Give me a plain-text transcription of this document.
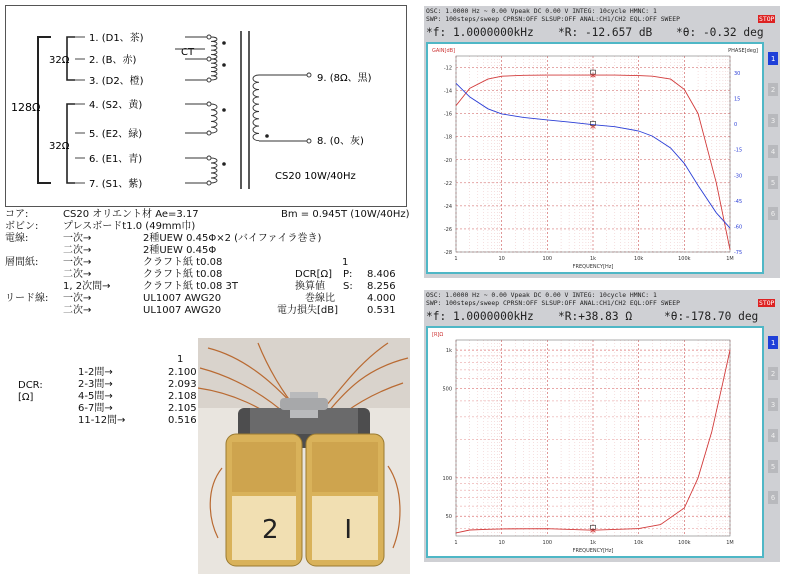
128Ω
32Ω
32Ω
1. (D1、茶)
2. (B、赤)
3. (D2、橙)
4. (S2、黄)
5. (E2、緑)
6. (E1、青)
7. (S1、紫)
CT
9. (8Ω、黒)
8. (0、灰)
CS20 10W/40Hz
コア:	CS20 オリエント材 Ae=3.17	Bm = 0.945T (10W/40Hz)
ボビン: プレスボードt1.0 (49mm巾)
電線:	一次→	2種UEW 0.45Φ×2 (バイファイラ巻き)
二次→	2種UEW 0.45Φ
層間紙: 一次→	クラフト紙 t0.08	1
二次→	クラフト紙 t0.08	DCR[Ω] P: 8.406
1, 2次間→	クラフト紙 t0.08 3T	換算値 S: 8.256
リード線: 一次→	UL1007 AWG20	巻線比	4.000
二次→	UL1007 AWG20	電力損失[dB]	0.531
1
DCR:
[Ω]
1-2間→	2.100
2-3間→	2.093
4-5間→	2.108
6-7間→	2.105
11-12間→	0.516
2 I
OSC: 1.0000 Hz ~ 0.00 Vpeak DC 0.00 V INTEG: 10cycle HMNC: 1
SWP: 100steps/sweep CPRSN:OFF SLSUP:OFF ANAL:CH1/CH2 EQL:OFF SWEEP	STOP
*f: 1.0000000kHz *R: -12.657 dB *θ: -0.32 deg
1	10	100	1k	10k	100k	1M
-12
-14
-16
-18
-20
-22
-24
-26
-28
30
15
0
-15
-30
-45
-60
-75
GAIN[dB]	PHASE[deg]
FREQUENCY[Hz]
1
2
3
4
5
6
OSC: 1.0000 Hz ~ 0.00 Vpeak DC 0.00 V INTEG: 10cycle HMNC: 1
SWP: 100steps/sweep CPRSN:OFF SLSUP:OFF ANAL:CH1/CH2 EQL:OFF SWEEP	STOP
*f: 1.0000000kHz *R:+38.83 Ω	*θ:-178.70 deg
1	10	100	1k	10k	100k	1M
1k
500
100
50
[R]Ω
FREQUENCY[Hz]
1
2
3
4
5
6
